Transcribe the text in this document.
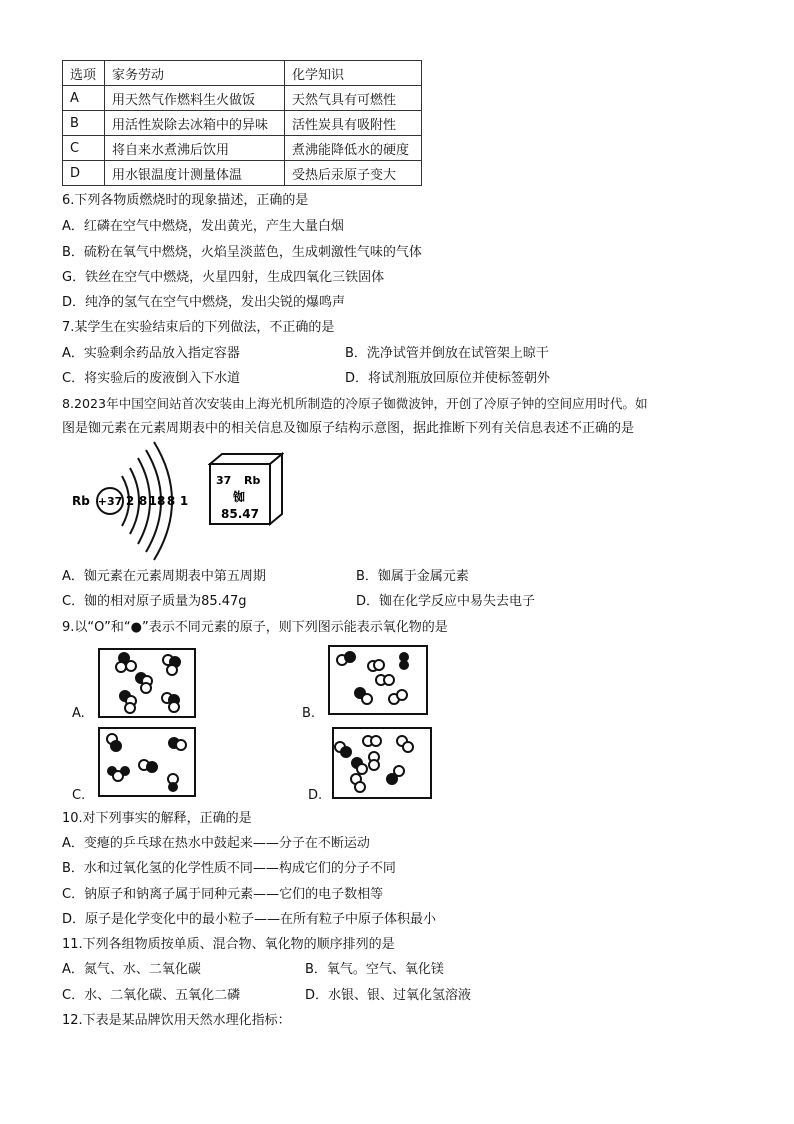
选项	家务劳动	化学知识
A	用天然气作燃料生火做饭	天然气具有可燃性
B	用活性炭除去冰箱中的异味	活性炭具有吸附性
C	将自来水煮沸后饮用	煮沸能降低水的硬度
D	用水银温度计测量体温	受热后汞原子变大
6.下列各物质燃烧时的现象描述，正确的是
A．红磷在空气中燃烧，发出黄光，产生大量白烟
B．硫粉在氧气中燃烧，火焰呈淡蓝色，生成刺激性气味的气体
G．铁丝在空气中燃烧，火星四射，生成四氧化三铁固体
D．纯净的氢气在空气中燃烧，发出尖锐的爆鸣声
7.某学生在实验结束后的下列做法，不正确的是
A．实验剩余药品放入指定容器	B．洗净试管并倒放在试管架上晾干
C．将实验后的废液倒入下水道	D．将试剂瓶放回原位并使标签朝外
8.2023年中国空间站首次安装由上海光机所制造的冷原子铷微波钟，开创了冷原子钟的空间应用时代。如
图是铷元素在元素周期表中的相关信息及铷原子结构示意图，据此推断下列有关信息表述不正确的是
Rb +37 2 8 18 8 1
37 Rb
铷
85.47
A．铷元素在元素周期表中第五周期	B．铷属于金属元素
C．铷的相对原子质量为85.47g	D．铷在化学反应中易失去电子
9.以“O”和“●”表示不同元素的原子，则下列图示能表示氧化物的是
A.	B.
C.	D.
10.对下列事实的解释，正确的是
A．变瘪的乒乓球在热水中鼓起来——分子在不断运动
B．水和过氧化氢的化学性质不同——构成它们的分子不同
C．钠原子和钠离子属于同种元素——它们的电子数相等
D．原子是化学变化中的最小粒子——在所有粒子中原子体积最小
11.下列各组物质按单质、混合物、氧化物的顺序排列的是
A．氮气、水、二氧化碳	B．氧气。空气、氧化镁
C．水、二氧化碳、五氧化二磷	D．水银、银、过氧化氢溶液
12.下表是某品牌饮用天然水理化指标：
